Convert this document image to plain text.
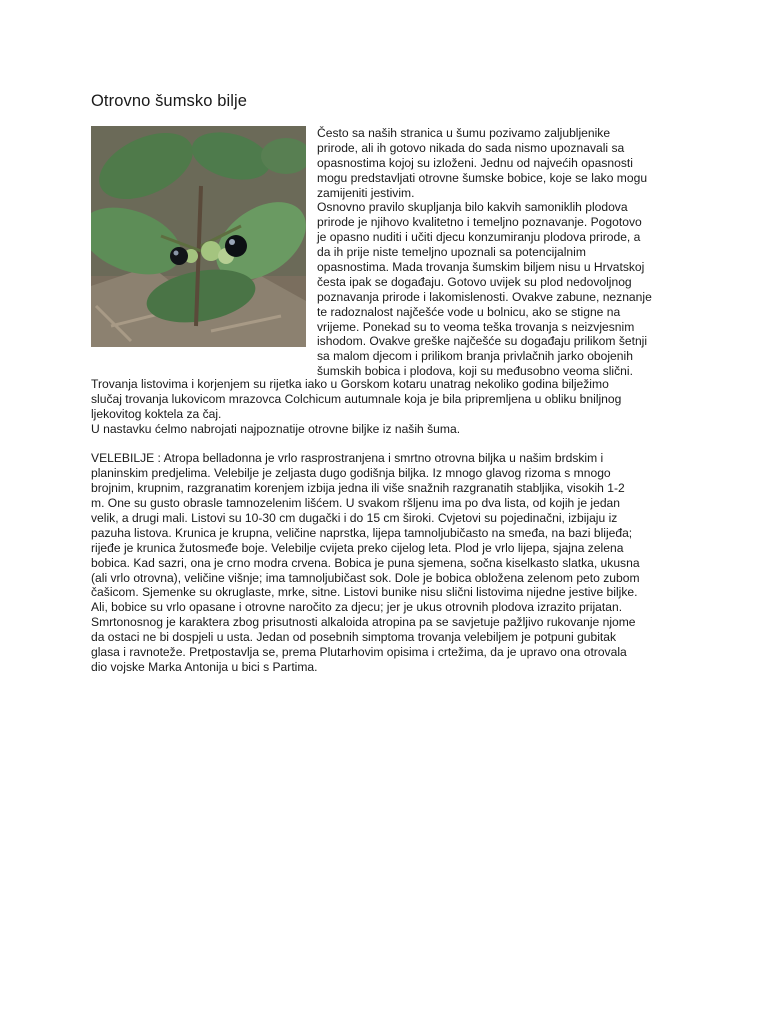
Otrovno šumsko bilje

Često sa naših stranica u šumu pozivamo zaljubljenike
prirode, ali ih gotovo nikada do sada nismo upoznavali sa
opasnostima kojoj su izloženi. Jednu od najvećih opasnosti
mogu predstavljati otrovne šumske bobice, koje se lako mogu
zamijeniti jestivim.
Osnovno pravilo skupljanja bilo kakvih samoniklih plodova
prirode je njihovo kvalitetno i temeljno poznavanje. Pogotovo
je opasno nuditi i učiti djecu konzumiranju plodova prirode, a
da ih prije niste temeljno upoznali sa potencijalnim
opasnostima. Mada trovanja šumskim biljem nisu u Hrvatskoj
česta ipak se događaju. Gotovo uvijek su plod nedovoljnog
poznavanja prirode i lakomislenosti. Ovakve zabune, neznanje
te radoznalost najčešće vode u bolnicu, ako se stigne na
vrijeme. Ponekad su to veoma teška trovanja s neizvjesnim
ishodom. Ovakve greške najčešće su događaju prilikom šetnji
sa malom djecom i prilikom branja privlačnih jarko obojenih
šumskih bobica i plodova, koji su međusobno veoma slični.

Trovanja listovima i korjenjem su rijetka iako u Gorskom kotaru unatrag nekoliko godina bilježimo
slučaj trovanja lukovicom mrazovca Colchicum autumnale koja je bila pripremljena u obliku bniljnog
ljekovitog koktela za čaj.
U nastavku ćelmo nabrojati najpoznatije otrovne biljke iz naših šuma.
VELEBILJE : Atropa belladonna je vrlo rasprostranjena i smrtno otrovna biljka u našim brdskim i
planinskim predjelima. Velebilje je zeljasta dugo godišnja biljka. Iz mnogo glavog rizoma s mnogo
brojnim, krupnim, razgranatim korenjem izbija jedna ili više snažnih razgranatih stabljika, visokih 1-2
m. One su gusto obrasle tamnozelenim lišćem. U svakom ršljenu ima po dva lista, od kojih je jedan
velik, a drugi mali. Listovi su 10-30 cm dugački i do 15 cm široki. Cvjetovi su pojedinačni, izbijaju iz
pazuha listova. Krunica je krupna, veličine naprstka, lijepa tamnoljubičasto na smeđa, na bazi blijeđa;
rijeđe je krunica žutosmeđe boje. Velebilje cvijeta preko cijelog leta. Plod je vrlo lijepa, sjajna zelena
bobica. Kad sazri, ona je crno modra crvena. Bobica je puna sjemena, sočna kiselkasto slatka, ukusna
(ali vrlo otrovna), veličine višnje; ima tamnoljubičast sok. Dole je bobica obložena zelenom peto zubom
čašicom. Sjemenke su okruglaste, mrke, sitne. Listovi bunike nisu slični listovima nijedne jestive biljke.
Ali, bobice su vrlo opasane i otrovne naročito za djecu; jer je ukus otrovnih plodova izrazito prijatan.
Smrtonosnog je karaktera zbog prisutnosti alkaloida atropina pa se savjetuje pažljivo rukovanje njome
da ostaci ne bi dospjeli u usta. Jedan od posebnih simptoma trovanja velebiljem je potpuni gubitak
glasa i ravnoteže. Pretpostavlja se, prema Plutarhovim opisima i crtežima, da je upravo ona otrovala
dio vojske Marka Antonija u bici s Partima.
